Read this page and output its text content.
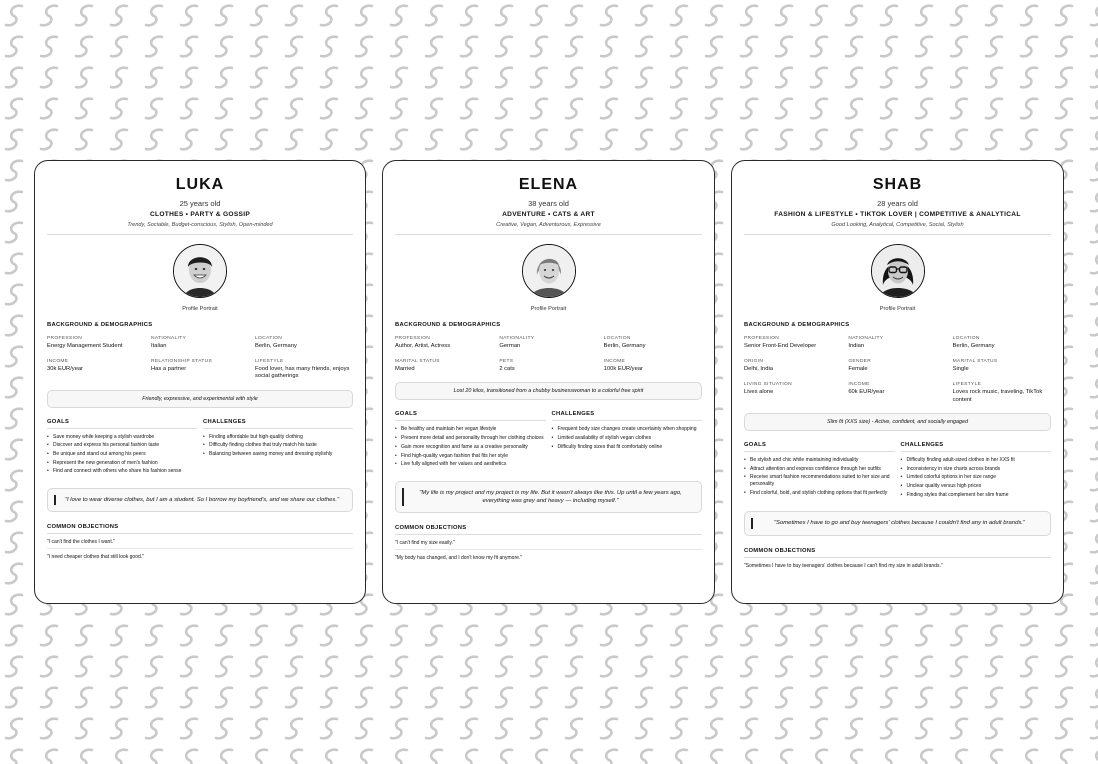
LUKA
25 years old
CLOTHES • PARTY & GOSSIP
Trendy, Sociable, Budget-conscious, Stylish, Open-minded
Profile Portrait
BACKGROUND & DEMOGRAPHICS
PROFESSION
Energy Management Student
NATIONALITY
Italian
LOCATION
Berlin, Germany
INCOME
30k EUR/year
RELATIONSHIP STATUS
Has a partner
LIFESTYLE
Food lover, has many friends, enjoys social gatherings
Friendly, expressive, and experimental with style
GOALS
• Save money while keeping a stylish wardrobe
• Discover and express his personal fashion taste
• Be unique and stand out among his peers
• Represent the new generation of men's fashion
• Find and connect with others who share his fashion sense
CHALLENGES
• Finding affordable but high-quality clothing
• Difficulty finding clothes that truly match his taste
• Balancing between saving money and dressing stylishly
"I love to wear diverse clothes, but I am a student. So I borrow my boyfriend's, and we share our clothes."
COMMON OBJECTIONS
"I can't find the clothes I want."
"I need cheaper clothes that still look good."
ELENA
38 years old
ADVENTURE • CATS & ART
Creative, Vegan, Adventurous, Expressive
Profile Portrait
BACKGROUND & DEMOGRAPHICS
PROFESSION
Author, Artist, Actress
NATIONALITY
German
LOCATION
Berlin, Germany
MARITAL STATUS
Married
PETS
2 cats
INCOME
100k EUR/year
Lost 20 kilos, transitioned from a chubby businesswoman to a colorful free spirit
GOALS
• Be healthy and maintain her vegan lifestyle
• Present more detail and personality through her clothing choices
• Gain more recognition and fame as a creative personality
• Find high-quality vegan fashion that fits her style
• Live fully aligned with her values and aesthetics
CHALLENGES
• Frequent body size changes create uncertainty when shopping
• Limited availability of stylish vegan clothes
• Difficulty finding sizes that fit comfortably online
"My life is my project and my project is my life. But it wasn't always like this. Up until a few years ago, everything was grey and heavy — including myself."
COMMON OBJECTIONS
"I can't find my size easily."
"My body has changed, and I don't know my fit anymore."
SHAB
28 years old
FASHION & LIFESTYLE • TIKTOK LOVER | COMPETITIVE & ANALYTICAL
Good Looking, Analytical, Competitive, Social, Stylish
Profile Portrait
BACKGROUND & DEMOGRAPHICS
PROFESSION
Senior Front-End Developer
NATIONALITY
Indian
LOCATION
Berlin, Germany
ORIGIN
Delhi, India
GENDER
Female
MARITAL STATUS
Single
LIVING SITUATION
Lives alone
INCOME
60k EUR/year
LIFESTYLE
Loves rock music, traveling, TikTok content
Slim fit (XXS size) - Active, confident, and socially engaged
GOALS
• Be stylish and chic while maintaining individuality
• Attract attention and express confidence through her outfits
• Receive smart fashion recommendations suited to her size and personality
• Find colorful, bold, and stylish clothing options that fit perfectly
CHALLENGES
• Difficulty finding adult-sized clothes in her XXS fit
• Inconsistency in size charts across brands
• Limited colorful options in her size range
• Unclear quality versus high prices
• Finding styles that complement her slim frame
"Sometimes I have to go and buy teenagers' clothes because I couldn't find any in adult brands."
COMMON OBJECTIONS
"Sometimes I have to buy teenagers' clothes because I can't find my size in adult brands."
